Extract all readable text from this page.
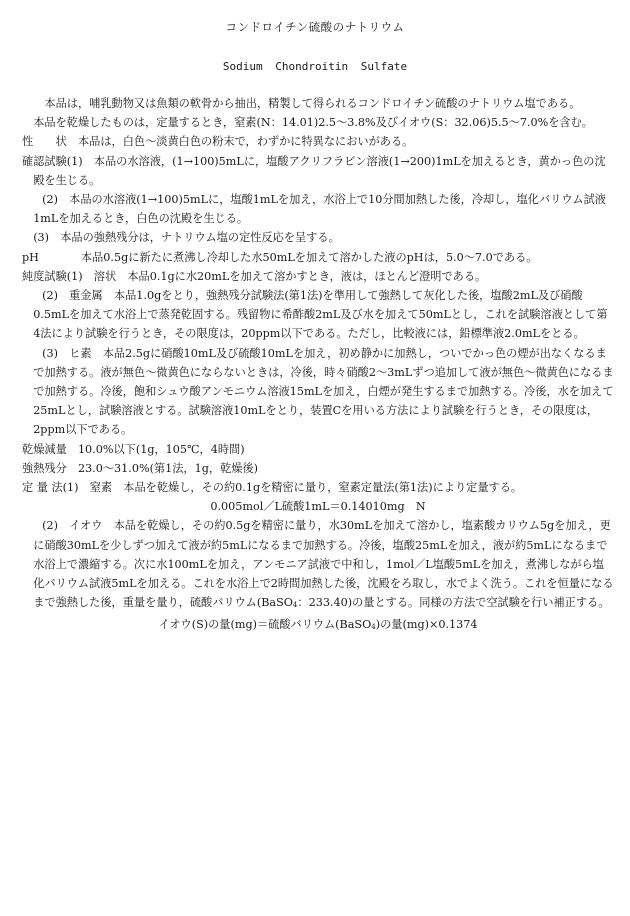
コンドロイチン硫酸のナトリウム
Sodium Chondroitin Sulfate

本品は，哺乳動物又は魚類の軟骨から抽出，精製して得られるコンドロイチン硫酸のナトリウム塩である。

本品を乾燥したものは，定量するとき，窒素(N：14.01)2.5～3.8%及びイオウ(S：32.06)5.5～7.0%を含む。

性　　状　本品は，白色～淡黄白色の粉末で，わずかに特異なにおいがある。

確認試験(1)　本品の水溶液，(1→100)5mLに，塩酸アクリフラビン溶液(1→200)1mLを加えるとき，黄かっ色の沈殿を生じる。

(2)　本品の水溶液(1→100)5mLに，塩酸1mLを加え，水浴上で10分間加熱した後，冷却し，塩化バリウム試液1mLを加えるとき，白色の沈殿を生じる。

(3)　本品の強熱残分は，ナトリウム塩の定性反応を呈する。

pH	本品0.5gに新たに煮沸し冷却した水50mLを加えて溶かした液のpHは，5.0～7.0である。

純度試験(1)　溶状　本品0.1gに水20mLを加えて溶かすとき，液は，ほとんど澄明である。

(2)　重金属　本品1.0gをとり，強熱残分試験法(第1法)を準用して強熱して灰化した後，塩酸2mL及び硝酸0.5mLを加えて水浴上で蒸発乾固する。残留物に希酢酸2mL及び水を加えて50mLとし，これを試験溶液として第4法により試験を行うとき，その限度は，20ppm以下である。ただし，比較液には，鉛標準液2.0mLをとる。

(3)　ヒ素　本品2.5gに硝酸10mL及び硫酸10mLを加え，初め静かに加熱し，ついでかっ色の煙が出なくなるまで加熱する。液が無色～微黄色にならないときは，冷後，時々硝酸2～3mLずつ追加して液が無色～微黄色になるまで加熱する。冷後，飽和シュウ酸アンモニウム溶液15mLを加え，白煙が発生するまで加熱する。冷後，水を加えて25mLとし，試験溶液とする。試験溶液10mLをとり，装置Cを用いる方法により試験を行うとき，その限度は，2ppm以下である。

乾燥減量　10.0%以下(1g，105℃，4時間)

強熱残分　23.0～31.0%(第1法，1g，乾燥後)

定 量 法(1)　窒素　本品を乾燥し，その約0.1gを精密に量り，窒素定量法(第1法)により定量する。

0.005mol／L硫酸1mL＝0.14010mg　N

(2)　イオウ　本品を乾燥し，その約0.5gを精密に量り，水30mLを加えて溶かし，塩素酸カリウム5gを加え，更に硝酸30mLを少しずつ加えて液が約5mLになるまで加熱する。冷後，塩酸25mLを加え，液が約5mLになるまで水浴上で濃縮する。次に水100mLを加え，アンモニア試液で中和し，1mol／L塩酸5mLを加え，煮沸しながら塩化バリウム試液5mLを加える。これを水浴上で2時間加熱した後，沈殿をろ取し，水でよく洗う。これを恒量になるまで強熱した後，重量を量り，硫酸バリウム(BaSO4：233.40)の量とする。同様の方法で空試験を行い補正する。

イオウ(S)の量(mg)＝硫酸バリウム(BaSO4)の量(mg)×0.1374
